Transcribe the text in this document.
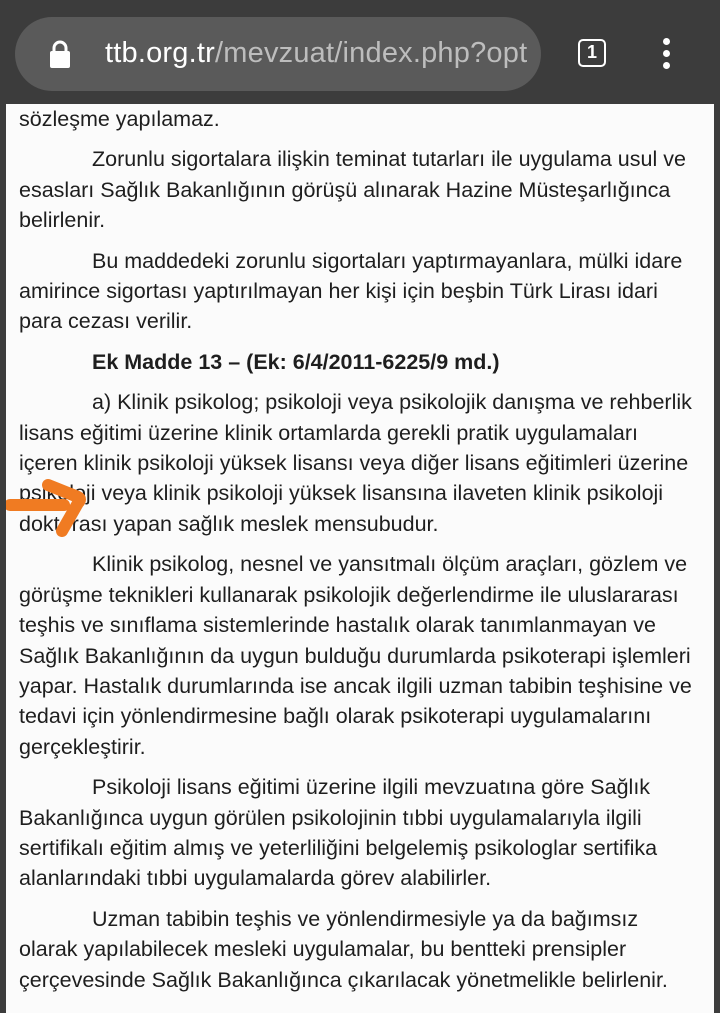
ttb.org.tr/mevzuat/index.php?opt	1

sözleşme yapılamaz.

Zorunlu sigortalara ilişkin teminat tutarları ile uygulama usul ve esasları Sağlık Bakanlığının görüşü alınarak Hazine Müsteşarlığınca belirlenir.

Bu maddedeki zorunlu sigortaları yaptırmayanlara, mülki idare amirince sigortası yaptırılmayan her kişi için beşbin Türk Lirası idari para cezası verilir.

Ek Madde 13 – (Ek: 6/4/2011-6225/9 md.)

a) Klinik psikolog; psikoloji veya psikolojik danışma ve rehberlik lisans eğitimi üzerine klinik ortamlarda gerekli pratik uygulamaları içeren klinik psikoloji yüksek lisansı veya diğer lisans eğitimleri üzerine psikoloji veya klinik psikoloji yüksek lisansına ilaveten klinik psikoloji doktorası yapan sağlık meslek mensubudur.

Klinik psikolog, nesnel ve yansıtmalı ölçüm araçları, gözlem ve görüşme teknikleri kullanarak psikolojik değerlendirme ile uluslararası teşhis ve sınıflama sistemlerinde hastalık olarak tanımlanmayan ve Sağlık Bakanlığının da uygun bulduğu durumlarda psikoterapi işlemleri yapar. Hastalık durumlarında ise ancak ilgili uzman tabibin teşhisine ve tedavi için yönlendirmesine bağlı olarak psikoterapi uygulamalarını gerçekleştirir.

Psikoloji lisans eğitimi üzerine ilgili mevzuatına göre Sağlık Bakanlığınca uygun görülen psikolojinin tıbbi uygulamalarıyla ilgili sertifikalı eğitim almış ve yeterliliğini belgelemiş psikologlar sertifika alanlarındaki tıbbi uygulamalarda görev alabilirler.

Uzman tabibin teşhis ve yönlendirmesiyle ya da bağımsız olarak yapılabilecek mesleki uygulamalar, bu bentteki prensipler çerçevesinde Sağlık Bakanlığınca çıkarılacak yönetmelikle belirlenir.
